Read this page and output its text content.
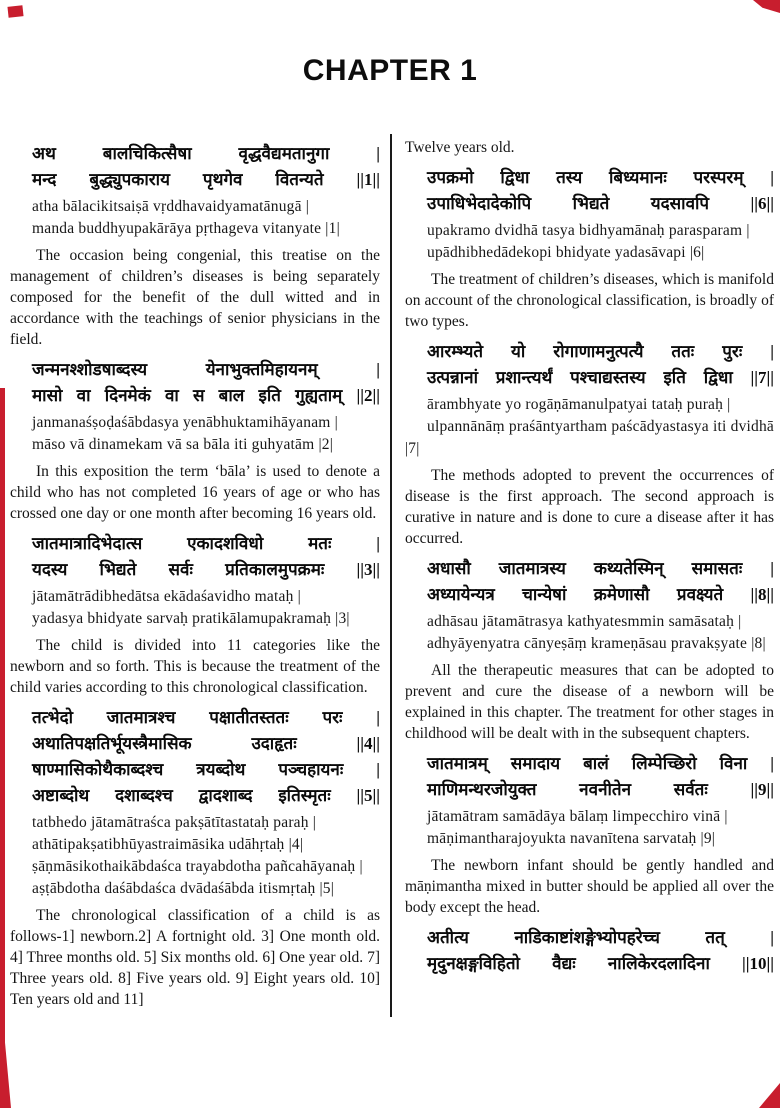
CHAPTER 1

अथ बालचिकित्सैषा वृद्धवैद्यमतानुगा |

मन्द बुद्ध्युपकाराय पृथगेव वितन्यते ||1||

atha bālacikitsaiṣā vṛddhavaidyamatānugā |

manda buddhyupakārāya pṛthageva vitanyate |1|

The occasion being congenial, this treatise on the management of children’s diseases is being separately composed for the benefit of the dull witted and in accordance with the teachings of senior physicians in the field.

जन्मनश्शोडषाब्दस्य येनाभुक्तमिहायनम् |

मासो वा दिनमेकं वा स बाल इति गुह्यताम् ||2||

janmanaśṣoḍaśābdasya yenābhuktamihāyanam |

māso vā dinamekam vā sa bāla iti guhyatām |2|

In this exposition the term ‘bāla’ is used to denote a child who has not completed 16 years of age or who has crossed one day or one month after becoming 16 years old.

जातमात्रादिभेदात्स एकादशविधो मतः |

यदस्य भिद्यते सर्वः प्रतिकालमुपक्रमः ||3||

jātamātrādibhedātsa ekādaśavidho mataḥ |

yadasya bhidyate sarvaḥ pratikālamupakramaḥ |3|

The child is divided into 11 categories like the newborn and so forth. This is because the treatment of the child varies according to this chronological classification.

तत्भेदो जातमात्रश्च पक्षातीतस्ततः परः |

अथातिपक्षतिर्भूयस्त्रैमासिक उदाहृतः ||4||

षाण्मासिकोथैकाब्दश्च त्रयब्दोथ पञ्चहायनः |

अष्टाब्दोथ दशाब्दश्च द्वादशाब्द इतिस्मृतः ||5||

tatbhedo jātamātraśca pakṣātītastataḥ paraḥ |

athātipakṣatibhūyastraimāsika udāhṛtaḥ |4|

ṣāṇmāsikothaikābdaśca trayabdotha pañcahāyanaḥ |

aṣṭābdotha daśābdaśca dvādaśābda itismṛtaḥ |5|

The chronological classification of a child is as follows-1] newborn.2] A fortnight old. 3] One month old. 4] Three months old. 5] Six months old. 6] One year old. 7] Three years old. 8] Five years old. 9] Eight years old. 10] Ten years old and 11]

Twelve years old.

उपक्रमो द्विधा तस्य बिध्यमानः परस्परम् |

उपाधिभेदादेकोपि भिद्यते यदसावपि ||6||

upakramo dvidhā tasya bidhyamānaḥ parasparam |

upādhibhedādekopi bhidyate yadasāvapi |6|

The treatment of children’s diseases, which is manifold on account of the chronological classification, is broadly of two types.

आरम्भ्यते यो रोगाणामनुत्पत्यै ततः पुरः |

उत्पन्नानां प्रशान्त्यर्थं पश्चाद्यस्तस्य इति द्विधा ||7||

ārambhyate yo rogāṇāmanulpatyai tataḥ puraḥ |

ulpannānāṃ praśāntyartham paścādyastasya iti dvidhā |7|

The methods adopted to prevent the occurrences of disease is the first approach. The second approach is curative in nature and is done to cure a disease after it has occurred.

अधासौ जातमात्रस्य कथ्यतेस्मिन् समासतः |

अध्यायेन्यत्र चान्येषां क्रमेणासौ प्रवक्ष्यते ||8||

adhāsau jātamātrasya kathyatesmmin samāsataḥ |

adhyāyenyatra cānyeṣāṃ krameṇāsau pravakṣyate |8|

All the therapeutic measures that can be adopted to prevent and cure the disease of a newborn will be explained in this chapter. The treatment for other stages in childhood will be dealt with in the subsequent chapters.

जातमात्रम् समादाय बालं लिम्पेच्छिरो विना |

माणिमन्थरजोयुक्त नवनीतेन सर्वतः ||9||

jātamātram samādāya bālaṃ limpecchiro vinā |

māṇimantharajoyukta navanītena sarvataḥ |9|

The newborn infant should be gently handled and māṇimantha mixed in butter should be applied all over the body except the head.

अतीत्य नाडिकाष्टांशङ्गेभ्योपहरेच्च तत् |

मृदुनक्षङ्गविहितो वैद्यः नालिकेरदलादिना ||10||
